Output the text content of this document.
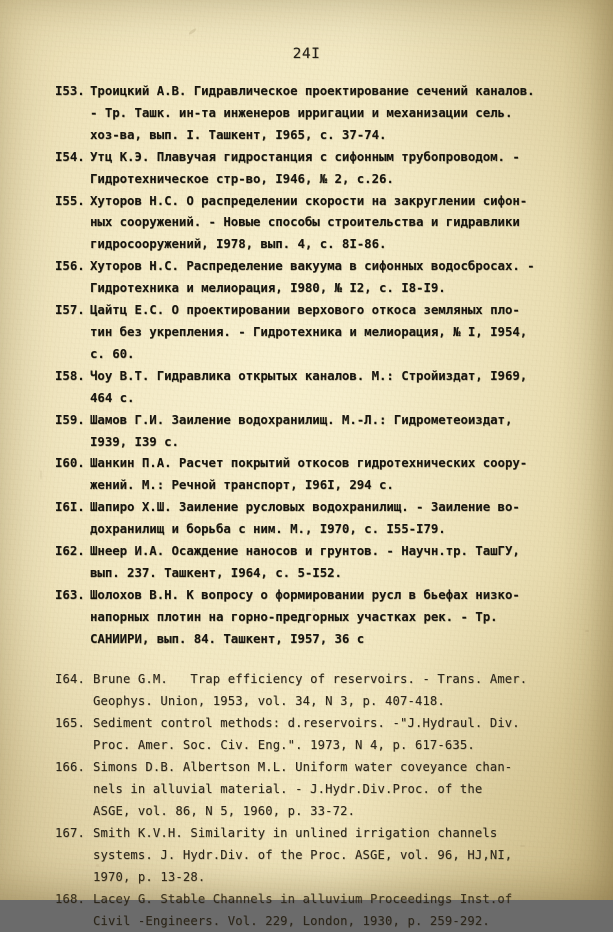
24I
I53. Троицкий А.В. Гидравлическое проектирование сечений каналов.
- Тр. Ташк. ин-та инженеров ирригации и механизации сель.
хоз-ва, вып. I. Ташкент, I965, с. 37-74.
I54. Утц К.Э. Плавучая гидростанция с сифонным трубопроводом. -
Гидротехническое стр-во, I946, № 2, с.26.
I55. Хуторов Н.С. О распределении скорости на закруглении сифон-
ных сооружений. - Новые способы строительства и гидравлики
гидросооружений, I978, вып. 4, с. 8I-86.
I56. Хуторов Н.С. Распределение вакуума в сифонных водосбросах. -
Гидротехника и мелиорация, I980, № I2, с. I8-I9.
I57. Цайтц Е.С. О проектировании верхового откоса земляных пло-
тин без укрепления. - Гидротехника и мелиорация, № I, I954,
с. 60.
I58. Чоу В.Т. Гидравлика открытых каналов. М.: Стройиздат, I969,
464 с.
I59. Шамов Г.И. Заиление водохранилищ. М.-Л.: Гидрометеоиздат,
I939, I39 с.
I60. Шанкин П.А. Расчет покрытий откосов гидротехнических соору-
жений. М.: Речной транспорт, I96I, 294 с.
I6I. Шапиро Х.Ш. Заиление русловых водохранилищ. - Заиление во-
дохранилищ и борьба с ним. М., I970, с. I55-I79.
I62. Шнеер И.А. Осаждение наносов и грунтов. - Научн.тр. ТашГУ,
вып. 237. Ташкент, I964, с. 5-I52.
I63. Шолохов В.Н. К вопросу о формировании русл в бьефах низко-
напорных плотин на горно-предгорных участках рек. - Тр.
САНИИРИ, вып. 84. Ташкент, I957, 36 с
I64. Brune G.M.   Trap efficiency of reservoirs. - Trans. Amer.
Geophys. Union, 1953, vol. 34, N 3, p. 407-418.
165. Sediment control methods: d.reservoirs. -"J.Hydraul. Div.
Proc. Amer. Soc. Civ. Eng.". 1973, N 4, p. 617-635.
166. Simons D.B. Albertson M.L. Uniform water coveyance chan-
nels in alluvial material. - J.Hydr.Div.Proc. of the
ASGE, vol. 86, N 5, 1960, p. 33-72.
167. Smith K.V.H. Similarity in unlined irrigation channels
systems. J. Hydr.Div. of the Proc. ASGE, vol. 96, HJ,NI,
1970, p. 13-28.
168. Lacey G. Stable Channels in alluvium Proceedings Inst.of
Civil -Engineers. Vol. 229, London, 1930, p. 259-292.
